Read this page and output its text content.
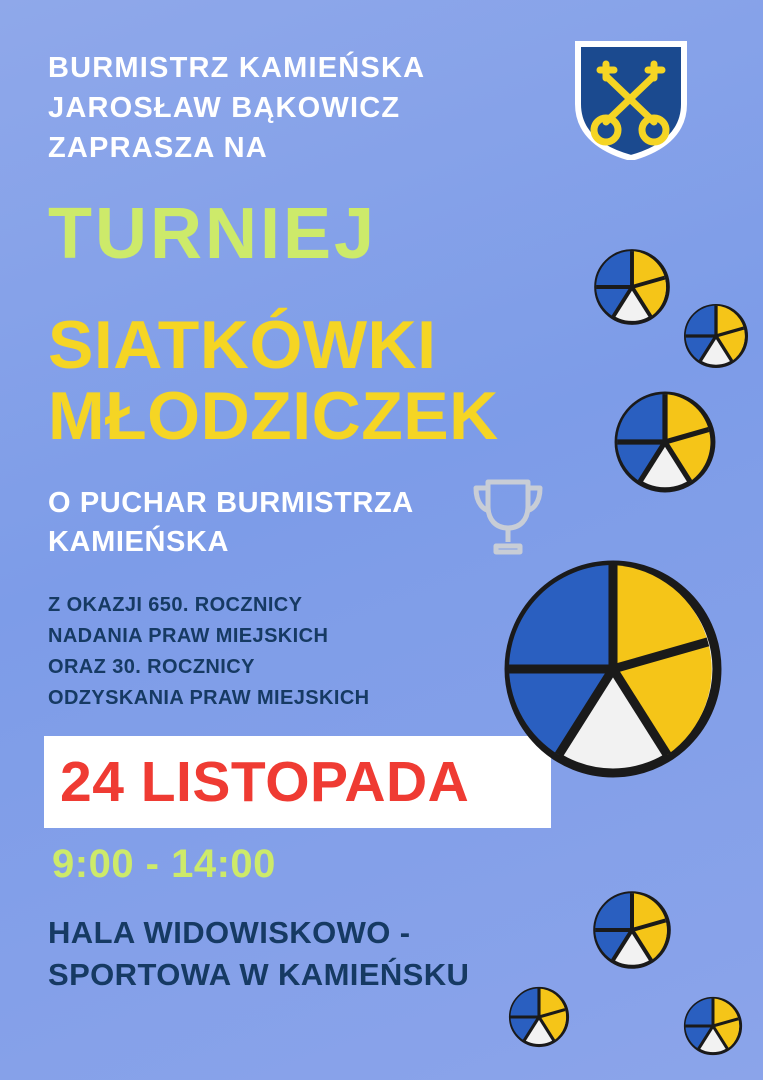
BURMISTRZ KAMIEŃSKA
JAROSŁAW BĄKOWICZ
ZAPRASZA NA
TURNIEJ
SIATKÓWKI
MŁODZICZEK
O PUCHAR BURMISTRZA
KAMIEŃSKA
Z OKAZJI 650. ROCZNICY
NADANIA PRAW MIEJSKICH
ORAZ 30. ROCZNICY
ODZYSKANIA PRAW MIEJSKICH
24 LISTOPADA
9:00 - 14:00
HALA WIDOWISKOWO -
SPORTOWA W KAMIEŃSKU
